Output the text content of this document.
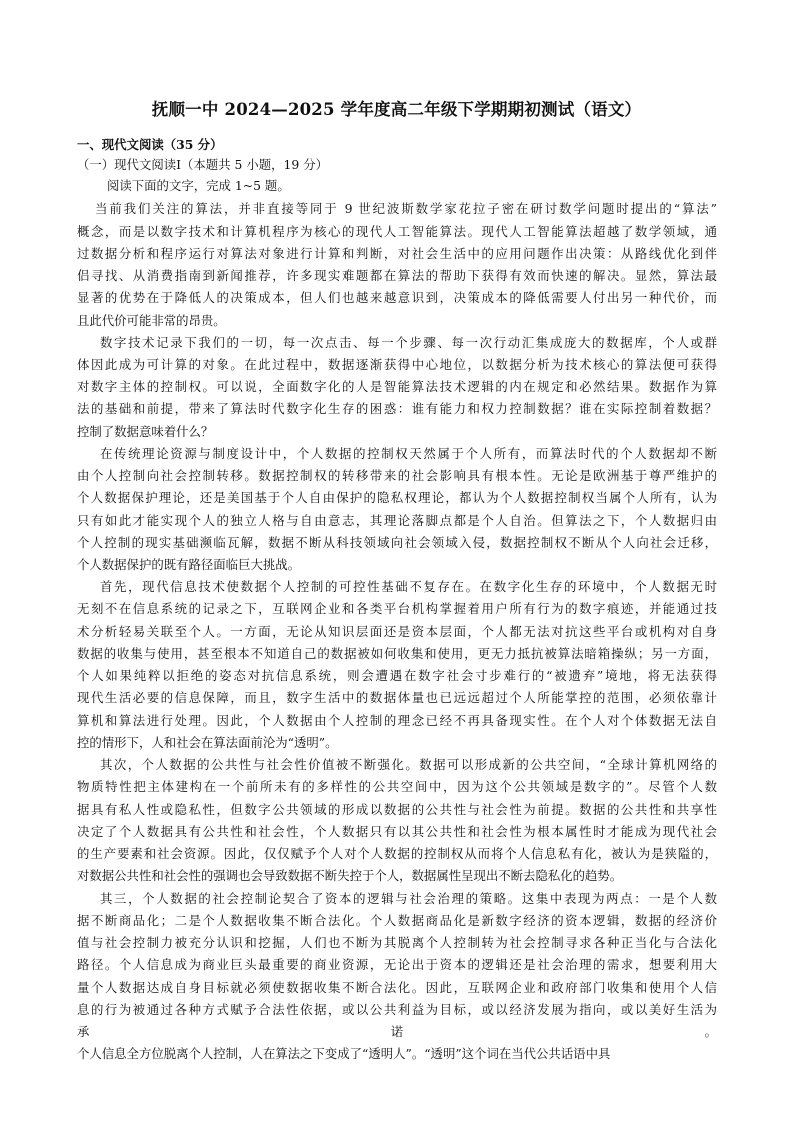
抚顺一中 2024—2025 学年度高二年级下学期期初测试（语文）
一、现代文阅读（35 分）
（一）现代文阅读Ⅰ（本题共 5 小题，19 分）
阅读下面的文字，完成 1~5 题。
当前我们关注的算法，并非直接等同于 9 世纪波斯数学家花拉子密在研讨数学问题时提出的“算法”
概念，而是以数字技术和计算机程序为核心的现代人工智能算法。现代人工智能算法超越了数学领域，通
过数据分析和程序运行对算法对象进行计算和判断，对社会生活中的应用问题作出决策：从路线优化到伴
侣寻找、从消费指南到新闻推荐，许多现实难题都在算法的帮助下获得有效而快速的解决。显然，算法最
显著的优势在于降低人的决策成本，但人们也越来越意识到，决策成本的降低需要人付出另一种代价，而
且此代价可能非常的昂贵。
数字技术记录下我们的一切，每一次点击、每一个步骤、每一次行动汇集成庞大的数据库，个人或群
体因此成为可计算的对象。在此过程中，数据逐渐获得中心地位，以数据分析为技术核心的算法便可获得
对数字主体的控制权。可以说，全面数字化的人是智能算法技术逻辑的内在规定和必然结果。数据作为算
法的基础和前提，带来了算法时代数字化生存的困惑：谁有能力和权力控制数据？谁在实际控制着数据？
控制了数据意味着什么？
在传统理论资源与制度设计中，个人数据的控制权天然属于个人所有，而算法时代的个人数据却不断
由个人控制向社会控制转移。数据控制权的转移带来的社会影响具有根本性。无论是欧洲基于尊严维护的
个人数据保护理论，还是美国基于个人自由保护的隐私权理论，都认为个人数据控制权当属个人所有，认为
只有如此才能实现个人的独立人格与自由意志，其理论落脚点都是个人自治。但算法之下，个人数据归由
个人控制的现实基础濒临瓦解，数据不断从科技领域向社会领域入侵，数据控制权不断从个人向社会迁移，
个人数据保护的既有路径面临巨大挑战。
首先，现代信息技术使数据个人控制的可控性基础不复存在。在数字化生存的环境中，个人数据无时
无刻不在信息系统的记录之下，互联网企业和各类平台机构掌握着用户所有行为的数字痕迹，并能通过技
术分析轻易关联至个人。一方面，无论从知识层面还是资本层面，个人都无法对抗这些平台或机构对自身
数据的收集与使用，甚至根本不知道自己的数据被如何收集和使用，更无力抵抗被算法暗箱操纵；另一方面，
个人如果纯粹以拒绝的姿态对抗信息系统，则会遭遇在数字社会寸步难行的“被遗弃”境地，将无法获得
现代生活必要的信息保障，而且，数字生活中的数据体量也已远远超过个人所能掌控的范围，必须依靠计
算机和算法进行处理。因此，个人数据由个人控制的理念已经不再具备现实性。在个人对个体数据无法自
控的情形下，人和社会在算法面前沦为“透明”。
其次，个人数据的公共性与社会性价值被不断强化。数据可以形成新的公共空间，“全球计算机网络的
物质特性把主体建构在一个前所未有的多样性的公共空间中，因为这个公共领域是数字的”。尽管个人数
据具有私人性或隐私性，但数字公共领域的形成以数据的公共性与社会性为前提。数据的公共性和共享性
决定了个人数据具有公共性和社会性，个人数据只有以其公共性和社会性为根本属性时才能成为现代社会
的生产要素和社会资源。因此，仅仅赋予个人对个人数据的控制权从而将个人信息私有化，被认为是狭隘的，
对数据公共性和社会性的强调也会导致数据不断失控于个人，数据属性呈现出不断去隐私化的趋势。
其三，个人数据的社会控制论契合了资本的逻辑与社会治理的策略。这集中表现为两点：一是个人数
据不断商品化；二是个人数据收集不断合法化。个人数据商品化是新数字经济的资本逻辑，数据的经济价
值与社会控制力被充分认识和挖掘，人们也不断为其脱离个人控制转为社会控制寻求各种正当化与合法化
路径。个人信息成为商业巨头最重要的商业资源，无论出于资本的逻辑还是社会治理的需求，想要利用大
量个人数据达成自身目标就必须使数据收集不断合法化。因此，互联网企业和政府部门收集和使用个人信
息的行为被通过各种方式赋予合法性依据，或以公共利益为目标，或以经济发展为指向，或以美好生活为
承诺。
个人信息全方位脱离个人控制，人在算法之下变成了“透明人”。“透明”这个词在当代公共话语中具
